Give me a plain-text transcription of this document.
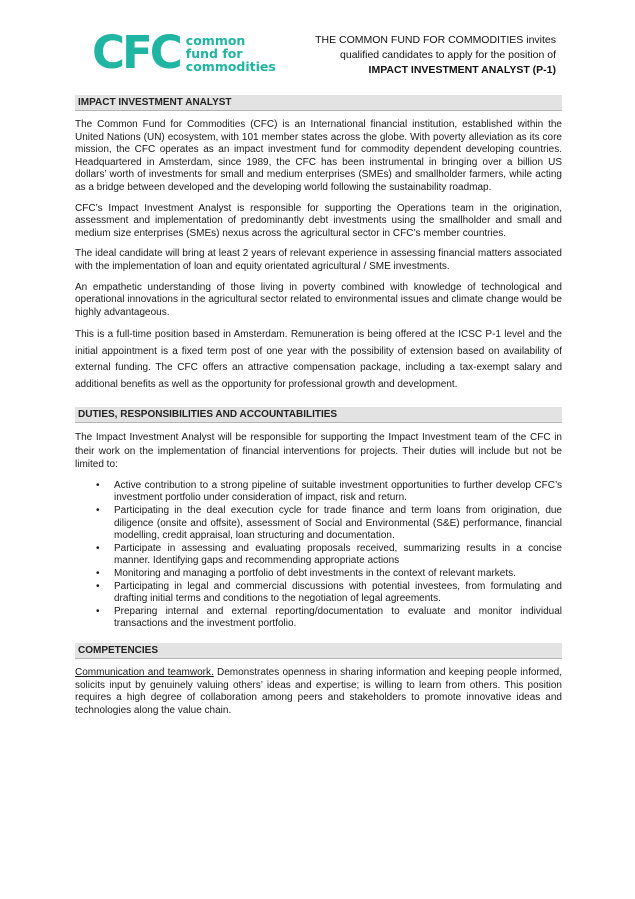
CFC common
fund for
commodities
THE COMMON FUND FOR COMMODITIES invites
qualified candidates to apply for the position of
IMPACT INVESTMENT ANALYST (P-1)
IMPACT INVESTMENT ANALYST

The Common Fund for Commodities (CFC) is an International financial institution, established within the United Nations (UN) ecosystem, with 101 member states across the globe. With poverty alleviation as its core mission, the CFC operates as an impact investment fund for commodity dependent developing countries. Headquartered in Amsterdam, since 1989, the CFC has been instrumental in bringing over a billion US dollars’ worth of investments for small and medium enterprises (SMEs) and smallholder farmers, while acting as a bridge between developed and the developing world following the sustainability roadmap.

CFC’s Impact Investment Analyst is responsible for supporting the Operations team in the origination, assessment and implementation of predominantly debt investments using the smallholder and small and medium size enterprises (SMEs) nexus across the agricultural sector in CFC’s member countries.

The ideal candidate will bring at least 2 years of relevant experience in assessing financial matters associated with the implementation of loan and equity orientated agricultural / SME investments.

An empathetic understanding of those living in poverty combined with knowledge of technological and operational innovations in the agricultural sector related to environmental issues and climate change would be highly advantageous.

This is a full-time position based in Amsterdam. Remuneration is being offered at the ICSC P-1 level and the initial appointment is a fixed term post of one year with the possibility of extension based on availability of external funding. The CFC offers an attractive compensation package, including a tax-exempt salary and additional benefits as well as the opportunity for professional growth and development.

DUTIES, RESPONSIBILITIES AND ACCOUNTABILITIES

The Impact Investment Analyst will be responsible for supporting the Impact Investment team of the CFC in their work on the implementation of financial interventions for projects. Their duties will include but not be limited to:

• Active contribution to a strong pipeline of suitable investment opportunities to further develop CFC’s investment portfolio under consideration of impact, risk and return.
• Participating in the deal execution cycle for trade finance and term loans from origination, due diligence (onsite and offsite), assessment of Social and Environmental (S&E) performance, financial modelling, credit appraisal, loan structuring and documentation.
• Participate in assessing and evaluating proposals received, summarizing results in a concise manner. Identifying gaps and recommending appropriate actions
• Monitoring and managing a portfolio of debt investments in the context of relevant markets.
• Participating in legal and commercial discussions with potential investees, from formulating and drafting initial terms and conditions to the negotiation of legal agreements.
• Preparing internal and external reporting/documentation to evaluate and monitor individual transactions and the investment portfolio.
COMPETENCIES

Communication and teamwork. Demonstrates openness in sharing information and keeping people informed, solicits input by genuinely valuing others’ ideas and expertise; is willing to learn from others. This position requires a high degree of collaboration among peers and stakeholders to promote innovative ideas and technologies along the value chain.
